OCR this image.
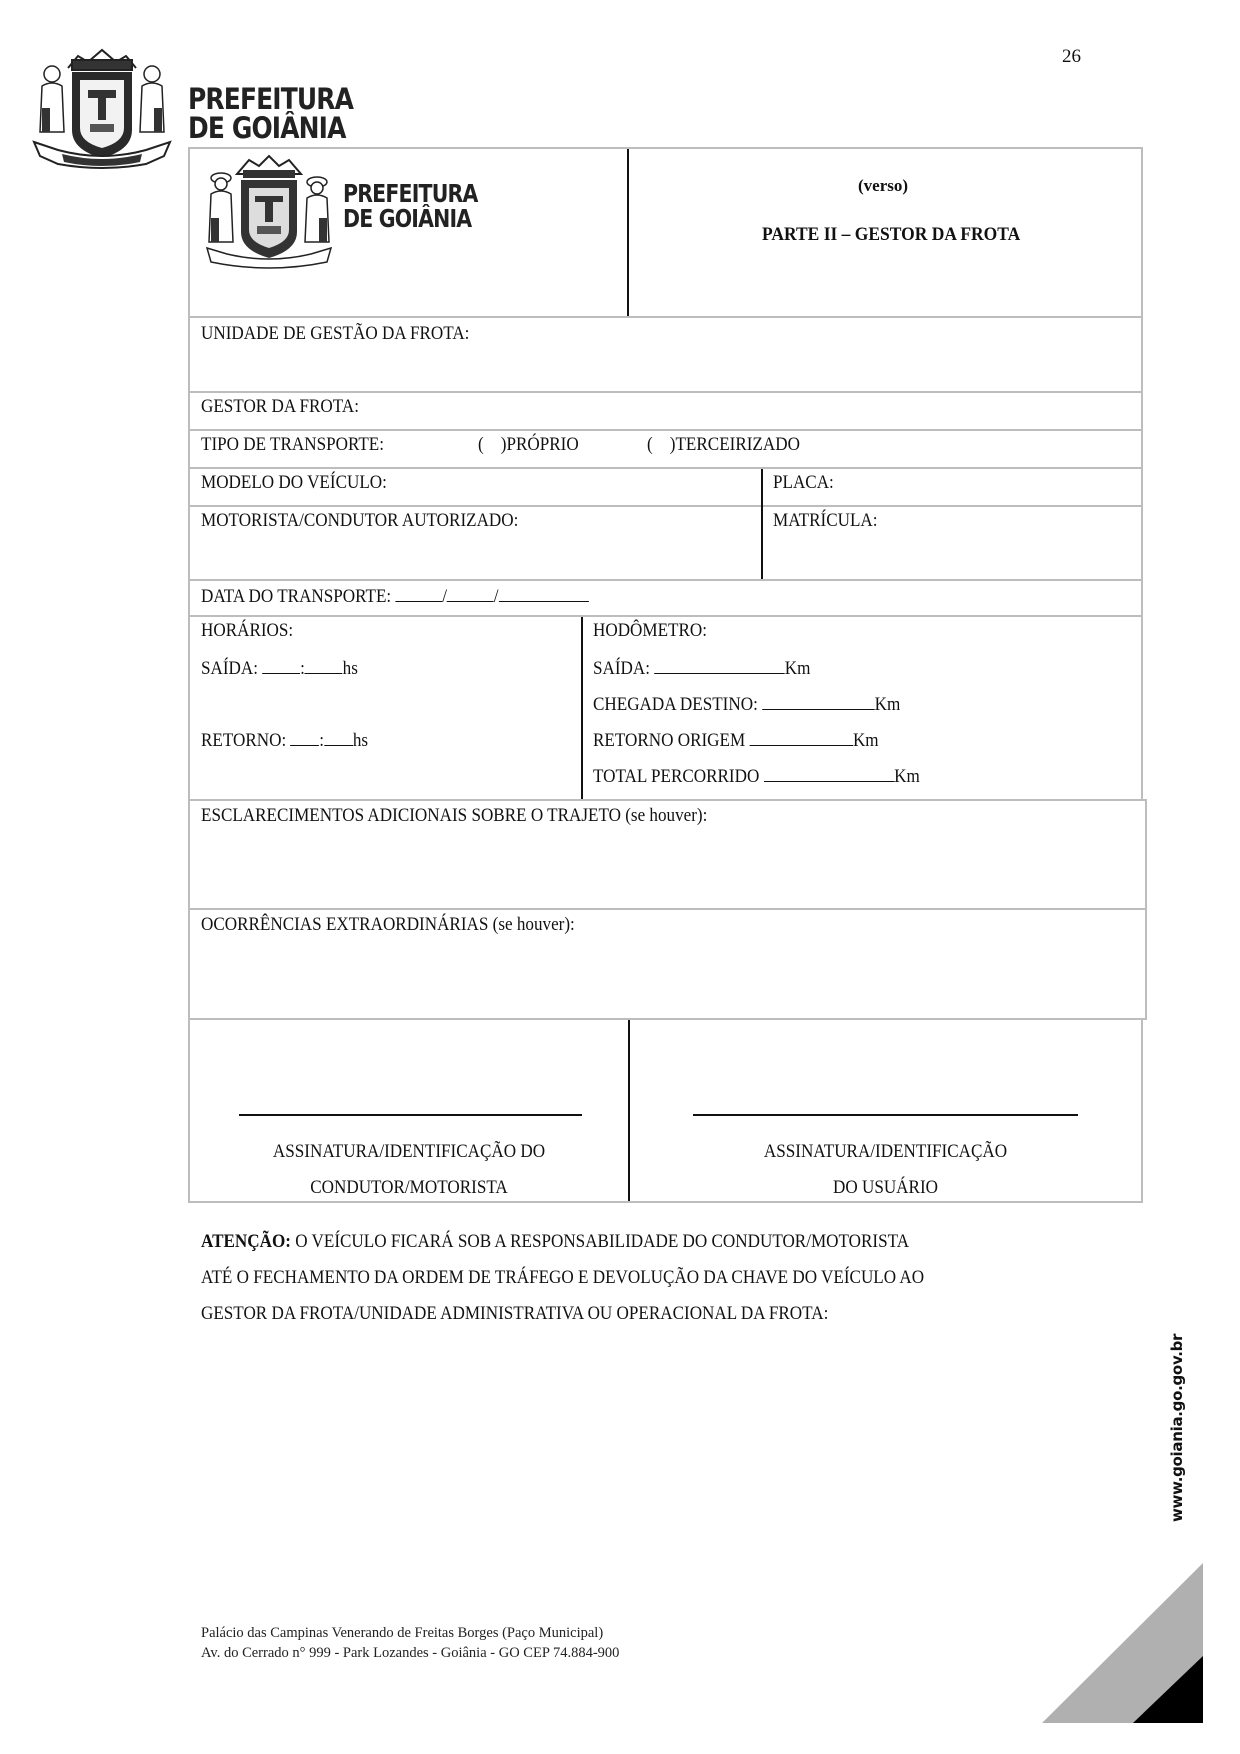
26
PREFEITURA
DE GOIÂNIA
PREFEITURA
DE GOIÂNIA
(verso)
PARTE II – GESTOR DA FROTA
UNIDADE DE GESTÃO DA FROTA:
GESTOR DA FROTA:
TIPO DE TRANSPORTE:	(    )PRÓPRIO	(    )TERCEIRIZADO
MODELO DO VEÍCULO:	PLACA:
MOTORISTA/CONDUTOR AUTORIZADO:	MATRÍCULA:
DATA DO TRANSPORTE:	/ /
HORÁRIOS:
SAÍDA: : hs
RETORNO: : hs
HODÔMETRO:
SAÍDA:	Km
CHEGADA DESTINO:	Km
RETORNO ORIGEM	Km
TOTAL PERCORRIDO	Km
ESCLARECIMENTOS ADICIONAIS SOBRE O TRAJETO (se houver):
OCORRÊNCIAS EXTRAORDINÁRIAS (se houver):
ASSINATURA/IDENTIFICAÇÃO DO
CONDUTOR/MOTORISTA
ASSINATURA/IDENTIFICAÇÃO
DO USUÁRIO
ATENÇÃO: O VEÍCULO FICARÁ SOB A RESPONSABILIDADE DO CONDUTOR/MOTORISTA
ATÉ O FECHAMENTO DA ORDEM DE TRÁFEGO E DEVOLUÇÃO DA CHAVE DO VEÍCULO AO
GESTOR DA FROTA/UNIDADE ADMINISTRATIVA OU OPERACIONAL DA FROTA:
www.goiania.go.gov.br
Palácio das Campinas Venerando de Freitas Borges (Paço Municipal)
Av. do Cerrado n° 999 - Park Lozandes - Goiânia - GO CEP 74.884-900
